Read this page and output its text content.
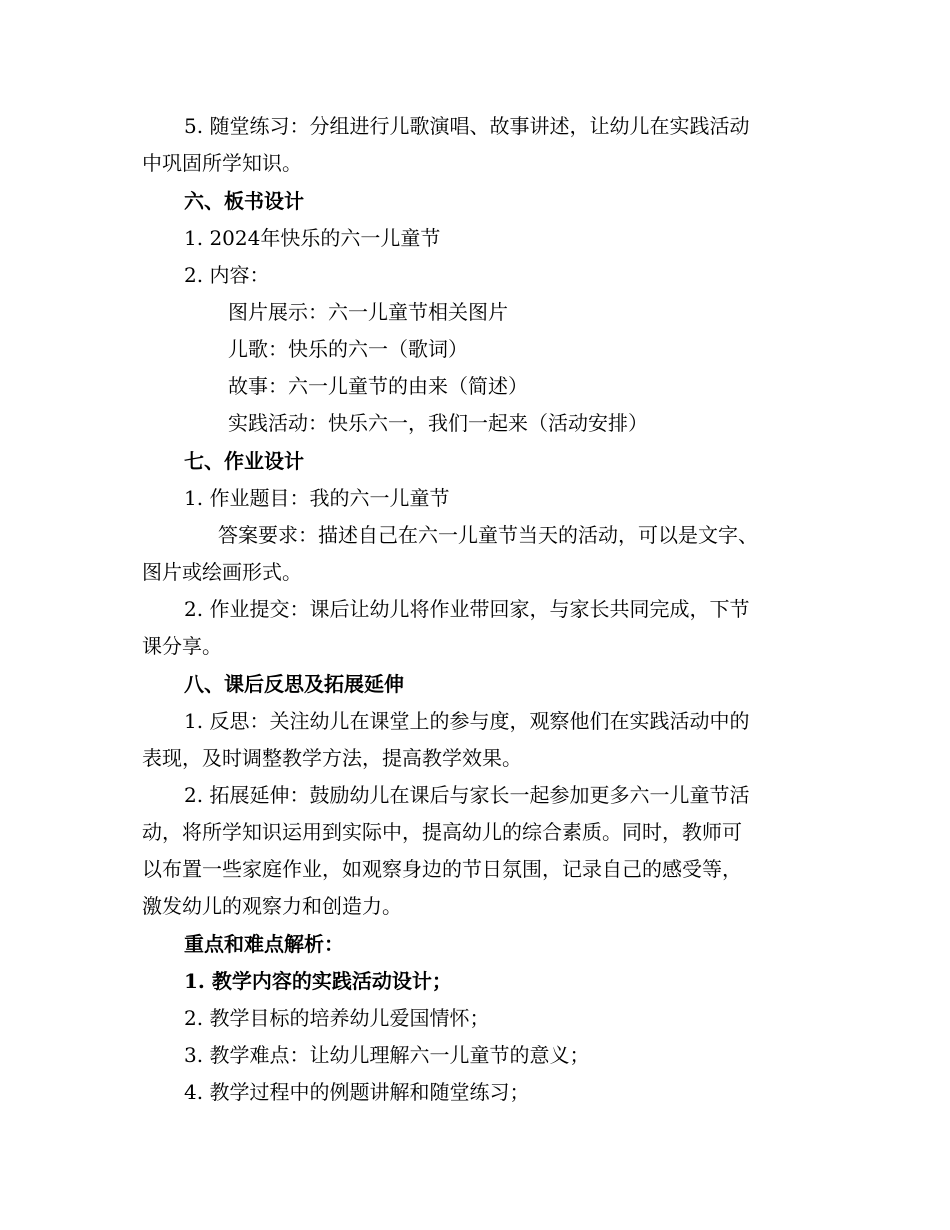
5. 随堂练习：分组进行儿歌演唱、故事讲述，让幼儿在实践活动
中巩固所学知识。
六、板书设计
1. 2024年快乐的六一儿童节
2. 内容：
图片展示：六一儿童节相关图片
儿歌：快乐的六一（歌词）
故事：六一儿童节的由来（简述）
实践活动：快乐六一，我们一起来（活动安排）
七、作业设计
1. 作业题目：我的六一儿童节
答案要求：描述自己在六一儿童节当天的活动，可以是文字、
图片或绘画形式。
2. 作业提交：课后让幼儿将作业带回家，与家长共同完成，下节
课分享。
八、课后反思及拓展延伸
1. 反思：关注幼儿在课堂上的参与度，观察他们在实践活动中的
表现，及时调整教学方法，提高教学效果。
2. 拓展延伸：鼓励幼儿在课后与家长一起参加更多六一儿童节活
动，将所学知识运用到实际中，提高幼儿的综合素质。同时，教师可
以布置一些家庭作业，如观察身边的节日氛围，记录自己的感受等，
激发幼儿的观察力和创造力。
重点和难点解析：
1. 教学内容的实践活动设计；
2. 教学目标的培养幼儿爱国情怀；
3. 教学难点：让幼儿理解六一儿童节的意义；
4. 教学过程中的例题讲解和随堂练习；
